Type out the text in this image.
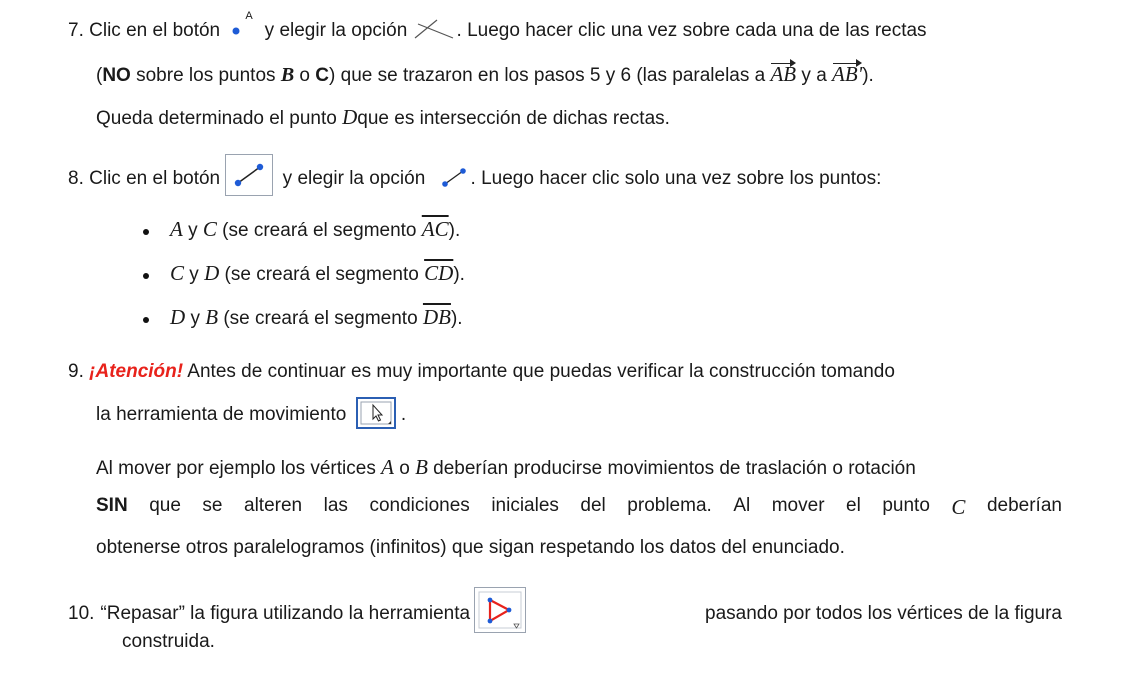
7. Clic en el botón
A
y elegir la opción	. Luego hacer clic una vez sobre cada una de las rectas
(NO sobre los puntos B o C) que se trazaron en los pasos 5 y 6 (las paralelas a AB y a AB').
Queda determinado el punto Dque es intersección de dichas rectas.
8. Clic en el botón	y elegir la opción . Luego hacer clic solo una vez sobre los puntos:
A y C (se creará el segmento $\overline{AC}$).
C y D (se creará el segmento $\overline{CD}$).
D y B (se creará el segmento $\overline{DB}$).
9. ¡Atención! Antes de continuar es muy importante que puedas verificar la construcción tomando
la herramienta de movimiento	.
Al mover por ejemplo los vértices A o B deberían producirse movimientos de traslación o rotación
SIN que se alteren las condiciones iniciales del problema. Al mover el punto C deberían
obtenerse otros paralelogramos (infinitos) que sigan respetando los datos del enunciado.
10. “Repasar” la figura utilizando la herramienta	pasando por todos los vértices de la figura
construida.
